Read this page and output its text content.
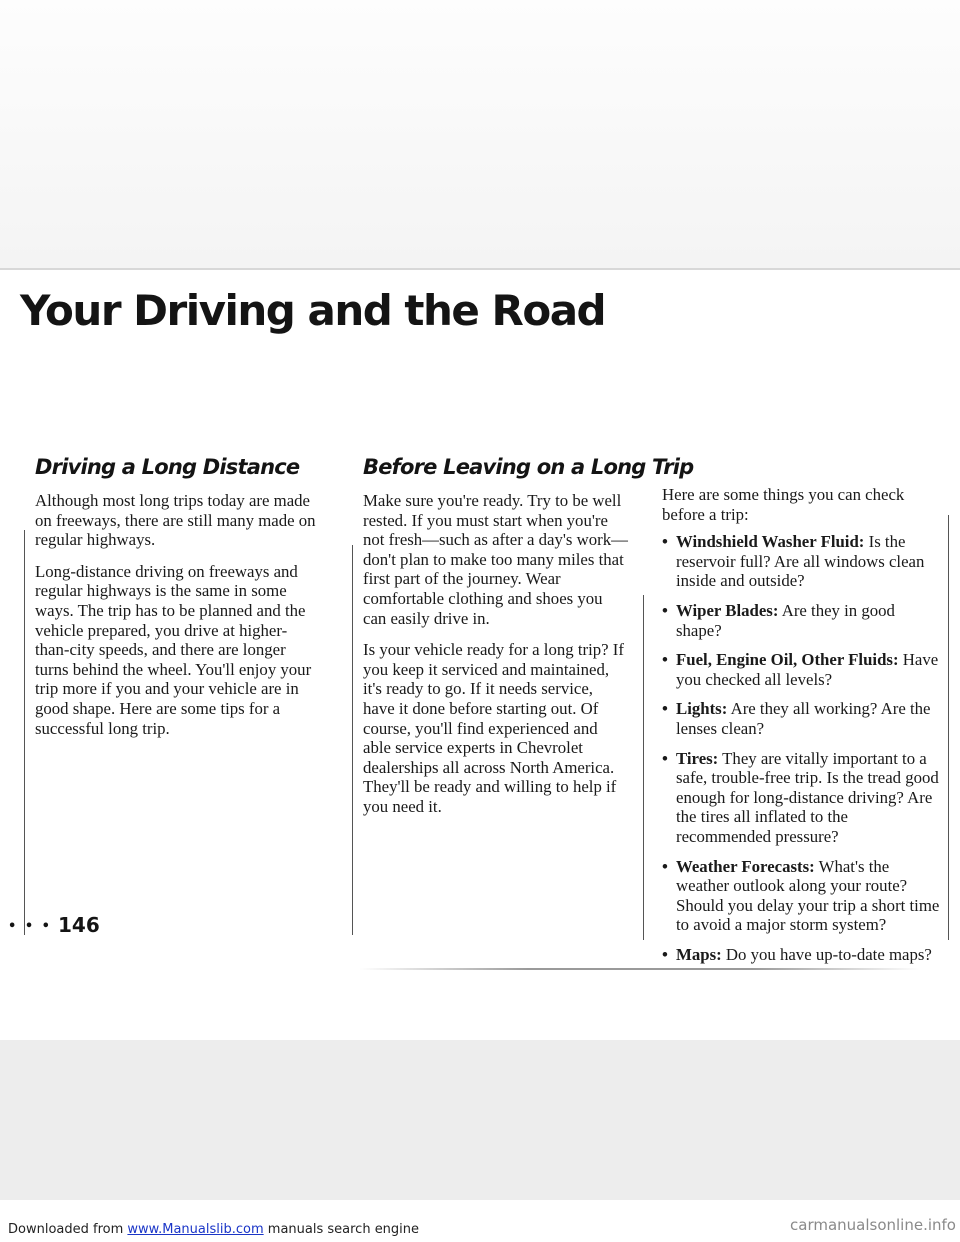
Your Driving and the Road
Driving a Long Distance

Although most long trips today are made on freeways, there are still many made on regular highways.

Long-distance driving on freeways and regular highways is the same in some ways. The trip has to be planned and the vehicle prepared, you drive at higher-than-city speeds, and there are longer turns behind the wheel. You'll enjoy your trip more if you and your vehicle are in good shape. Here are some tips for a successful long trip.

Before Leaving on a Long Trip

Make sure you're ready. Try to be well rested. If you must start when you're not fresh—such as after a day's work—don't plan to make too many miles that first part of the journey. Wear comfortable clothing and shoes you can easily drive in.

Is your vehicle ready for a long trip? If you keep it serviced and maintained, it's ready to go. If it needs service, have it done before starting out. Of course, you'll find experienced and able service experts in Chevrolet dealerships all across North America. They'll be ready and willing to help if you need it.

Here are some things you can check before a trip:

• Windshield Washer Fluid: Is the reservoir full? Are all windows clean inside and outside?
• Wiper Blades: Are they in good shape?
• Fuel, Engine Oil, Other Fluids: Have you checked all levels?
• Lights: Are they all working? Are the lenses clean?
• Tires: They are vitally important to a safe, trouble-free trip. Is the tread good enough for long-distance driving? Are the tires all inflated to the recommended pressure?
• Weather Forecasts: What's the weather outlook along your route? Should you delay your trip a short time to avoid a major storm system?
• Maps: Do you have up-to-date maps?
• • • 146
Downloaded from www.Manualslib.com manuals search engine	carmanualsonline.info
